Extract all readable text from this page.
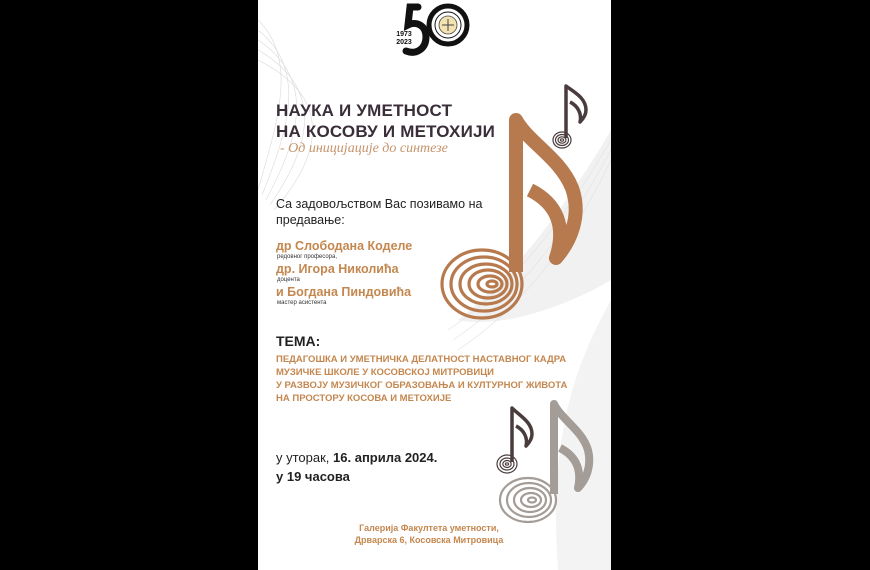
1973
2023
НАУКА И УМЕТНОСТ
НА КОСОВУ И МЕТОХИЈИ
- Од иницијације до синтезе
Са задовољством Вас позивамо на предавање:
др Слободана Коделе
редовног професора,
др. Игора Николића
доцента
и Богдана Пиндовића
мастер асистента
ТЕМА:
ПЕДАГОШКА И УМЕТНИЧКА ДЕЛАТНОСТ НАСТАВНОГ КАДРА
МУЗИЧКЕ ШКОЛЕ У КОСОВСКОЈ МИТРОВИЦИ
У РАЗВОЈУ МУЗИЧКОГ ОБРАЗОВАЊА И КУЛТУРНОГ ЖИВОТА
НА ПРОСТОРУ КОСОВА И МЕТОХИЈЕ
у уторак, 16. априла 2024.
у 19 часова
Галерија Факултета уметности,
Дрварска 6, Косовска Митровица
